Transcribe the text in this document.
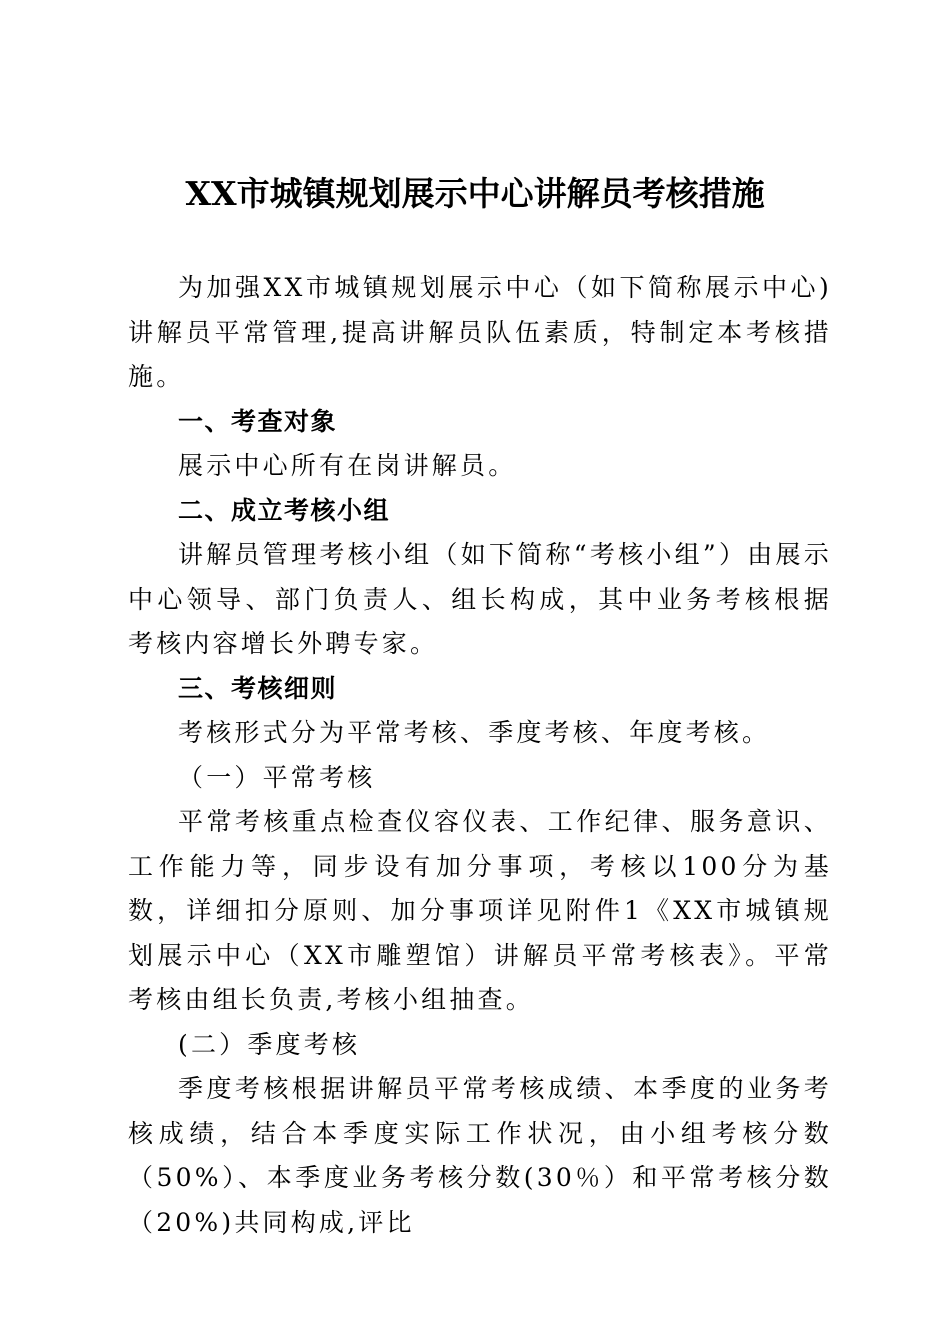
XX市城镇规划展示中心讲解员考核措施

为加强XX市城镇规划展示中心（如下简称展示中心)讲解员平常管理,提高讲解员队伍素质，特制定本考核措施。

一、考查对象

展示中心所有在岗讲解员。

二、成立考核小组

讲解员管理考核小组（如下简称“考核小组”）由展示中心领导、部门负责人、组长构成，其中业务考核根据考核内容增长外聘专家。

三、考核细则

考核形式分为平常考核、季度考核、年度考核。

（一）平常考核

平常考核重点检查仪容仪表、工作纪律、服务意识、工作能力等，同步设有加分事项，考核以100分为基数，详细扣分原则、加分事项详见附件1《XX市城镇规划展示中心（XX市雕塑馆）讲解员平常考核表》。平常考核由组长负责,考核小组抽查。

(二）季度考核

季度考核根据讲解员平常考核成绩、本季度的业务考核成绩，结合本季度实际工作状况，由小组考核分数（50%）、本季度业务考核分数(30％）和平常考核分数（20%)共同构成,评比
